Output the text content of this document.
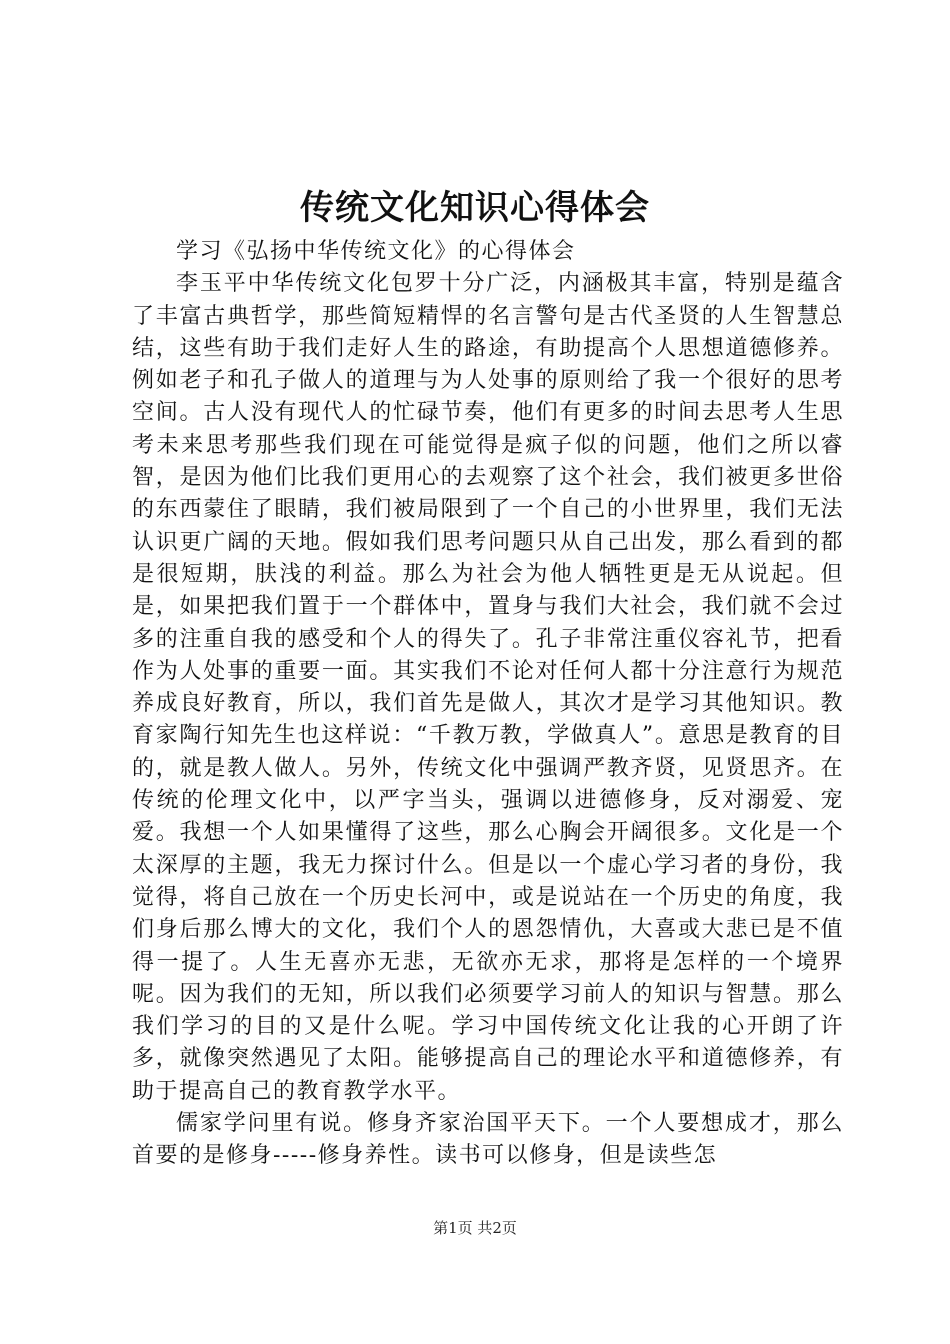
传统文化知识心得体会

学习《弘扬中华传统文化》的心得体会

李玉平中华传统文化包罗十分广泛，内涵极其丰富，特别是蕴含了丰富古典哲学，那些简短精悍的名言警句是古代圣贤的人生智慧总结，这些有助于我们走好人生的路途，有助提高个人思想道德修养。例如老子和孔子做人的道理与为人处事的原则给了我一个很好的思考空间。古人没有现代人的忙碌节奏，他们有更多的时间去思考人生思考未来思考那些我们现在可能觉得是疯子似的问题，他们之所以睿智，是因为他们比我们更用心的去观察了这个社会，我们被更多世俗的东西蒙住了眼睛，我们被局限到了一个自己的小世界里，我们无法认识更广阔的天地。假如我们思考问题只从自己出发，那么看到的都是很短期，肤浅的利益。那么为社会为他人牺牲更是无从说起。但是，如果把我们置于一个群体中，置身与我们大社会，我们就不会过多的注重自我的感受和个人的得失了。孔子非常注重仪容礼节，把看作为人处事的重要一面。其实我们不论对任何人都十分注意行为规范养成良好教育，所以，我们首先是做人，其次才是学习其他知识。教育家陶行知先生也这样说：“千教万教，学做真人”。意思是教育的目的，就是教人做人。另外，传统文化中强调严教齐贤，见贤思齐。在传统的伦理文化中，以严字当头，强调以进德修身，反对溺爱、宠爱。我想一个人如果懂得了这些，那么心胸会开阔很多。文化是一个太深厚的主题，我无力探讨什么。但是以一个虚心学习者的身份，我觉得，将自己放在一个历史长河中，或是说站在一个历史的角度，我们身后那么博大的文化，我们个人的恩怨情仇，大喜或大悲已是不值得一提了。人生无喜亦无悲，无欲亦无求，那将是怎样的一个境界呢。因为我们的无知，所以我们必须要学习前人的知识与智慧。那么我们学习的目的又是什么呢。学习中国传统文化让我的心开朗了许多，就像突然遇见了太阳。能够提高自己的理论水平和道德修养，有助于提高自己的教育教学水平。

儒家学问里有说。修身齐家治国平天下。一个人要想成才，那么首要的是修身-----修身养性。读书可以修身，但是读些怎

第1页 共2页
